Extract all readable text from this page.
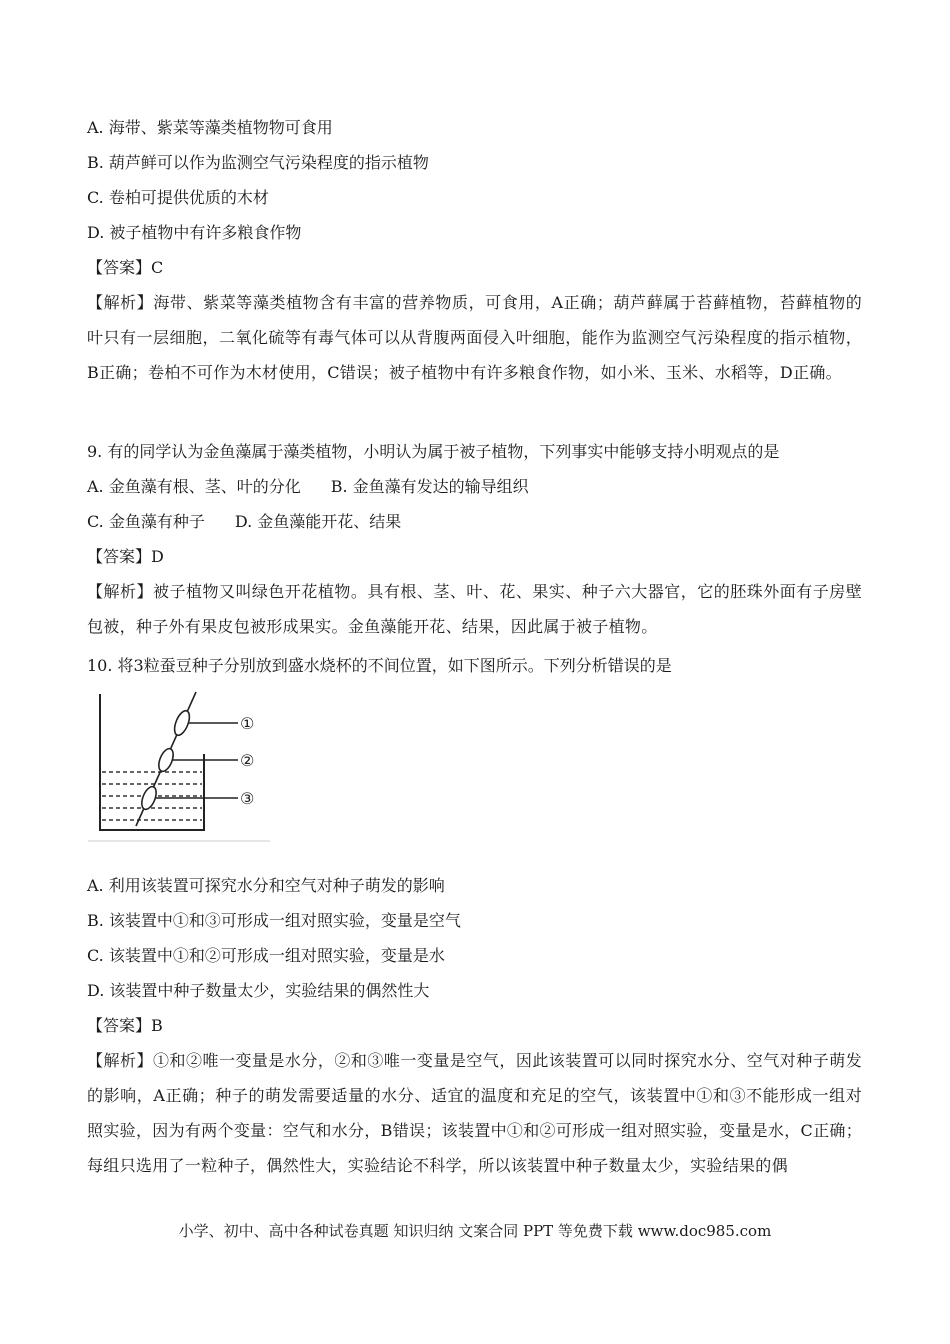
A. 海带、紫菜等藻类植物物可食用
B. 葫芦鲜可以作为监测空气污染程度的指示植物
C. 卷柏可提供优质的木材
D. 被子植物中有许多粮食作物
【答案】C
【解析】海带、紫菜等藻类植物含有丰富的营养物质，可食用，A正确；葫芦藓属于苔藓植物，苔藓植物的叶只有一层细胞，二氧化硫等有毒气体可以从背腹两面侵入叶细胞，能作为监测空气污染程度的指示植物，B正确；卷柏不可作为木材使用，C错误；被子植物中有许多粮食作物，如小米、玉米、水稻等，D正确。
9. 有的同学认为金鱼藻属于藻类植物，小明认为属于被子植物，下列事实中能够支持小明观点的是
A. 金鱼藻有根、茎、叶的分化 B. 金鱼藻有发达的输导组织
C. 金鱼藻有种子 D. 金鱼藻能开花、结果
【答案】D
【解析】被子植物又叫绿色开花植物。具有根、茎、叶、花、果实、种子六大器官，它的胚珠外面有子房壁包被，种子外有果皮包被形成果实。金鱼藻能开花、结果，因此属于被子植物。
10. 将3粒蚕豆种子分别放到盛水烧杯的不间位置，如下图所示。下列分析错误的是
①
②
③
A. 利用该装置可探究水分和空气对种子萌发的影响
B. 该装置中①和③可形成一组对照实验，变量是空气
C. 该装置中①和②可形成一组对照实验，变量是水
D. 该装置中种子数量太少，实验结果的偶然性大
【答案】B
【解析】①和②唯一变量是水分，②和③唯一变量是空气，因此该装置可以同时探究水分、空气对种子萌发的影响，A正确；种子的萌发需要适量的水分、适宜的温度和充足的空气，该装置中①和③不能形成一组对照实验，因为有两个变量：空气和水分，B错误；该装置中①和②可形成一组对照实验，变量是水，C正确；每组只选用了一粒种子，偶然性大，实验结论不科学，所以该装置中种子数量太少，实验结果的偶
小学、初中、高中各种试卷真题 知识归纳 文案合同 PPT 等免费下载 www.doc985.com
